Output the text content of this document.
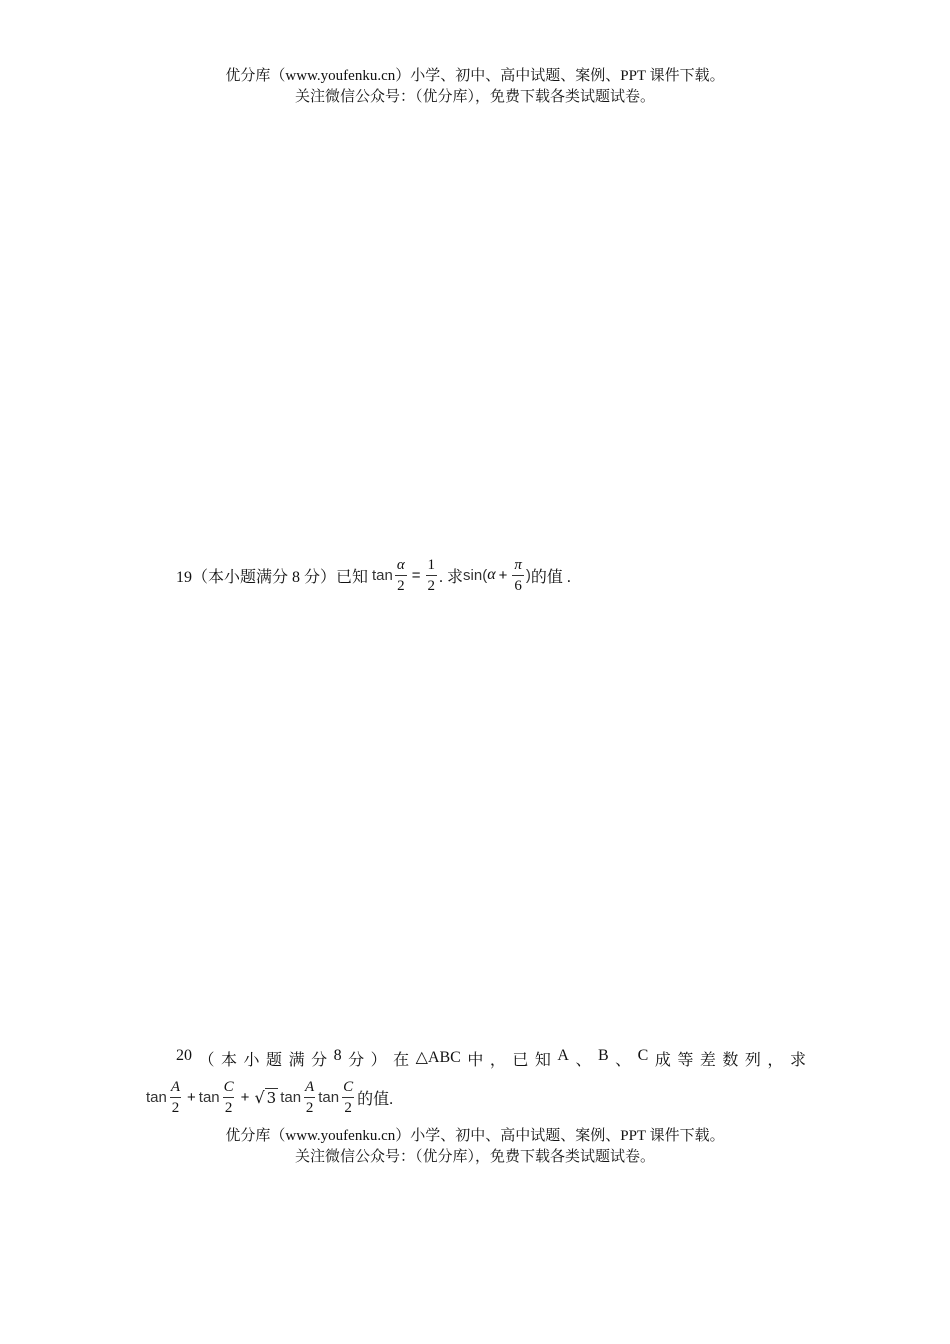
优分库（www.youfenku.cn）小学、初中、高中试题、案例、PPT 课件下载。
关注微信公众号：（优分库），免费下载各类试题试卷。
19（本小题满分 8 分）已知 $\tan \frac{\alpha}{2} = \frac{1}{2}$ . 求 sin( $\alpha + \frac{\pi}{6}$ ) 的值 .
20 （ 本 小 题 满 分 8 分 ） 在 △ABC 中 ， 已 知 A 、 B 、 C 成 等 差 数 列 ， 求
$\tan \frac{A}{2} + \tan \frac{C}{2}$ + √ 3 $\tan \frac{A}{2}$ $\tan \frac{C}{2}$ 的值.
优分库（www.youfenku.cn）小学、初中、高中试题、案例、PPT 课件下载。
关注微信公众号：（优分库），免费下载各类试题试卷。
